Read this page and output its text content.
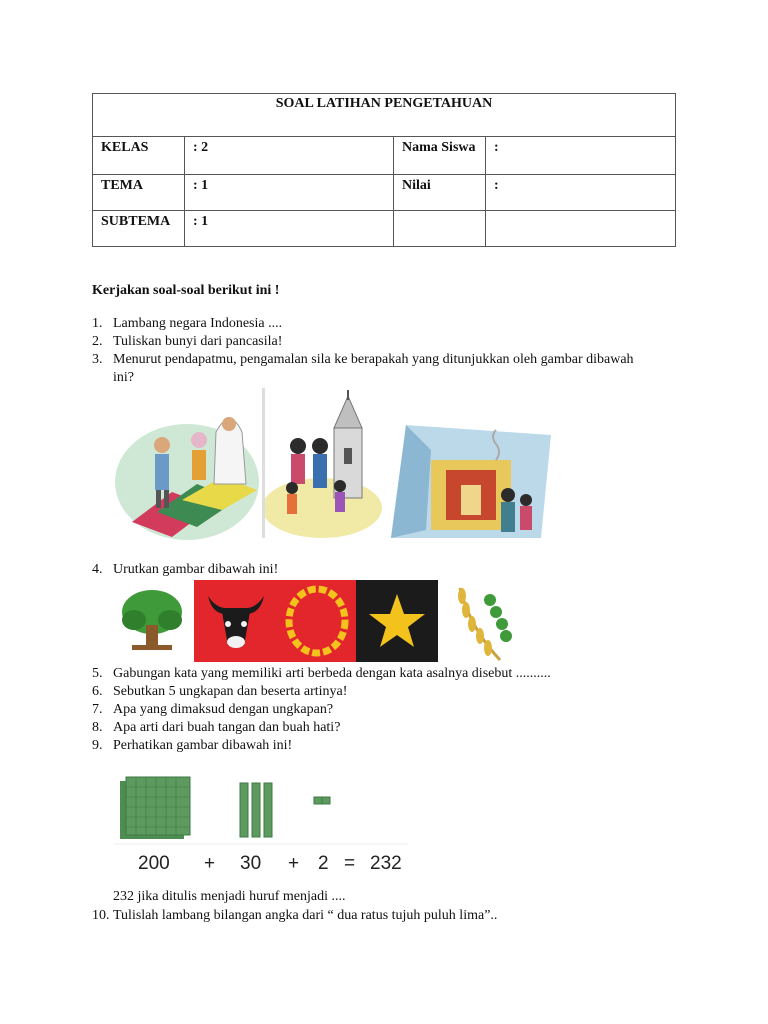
SOAL LATIHAN PENGETAHUAN			
KELAS	: 2	Nama Siswa	:
TEMA	: 1	Nilai	:
SUBTEMA	: 1		
Kerjakan soal-soal berikut ini !
1. Lambang negara Indonesia ....
2. Tuliskan bunyi dari pancasila!
3. Menurut pendapatmu, pengamalan sila ke berapakah yang ditunjukkan oleh gambar dibawah
ini?
4. Urutkan gambar dibawah ini!
5. Gabungan kata yang memiliki arti berbeda dengan kata asalnya disebut ..........
6. Sebutkan 5 ungkapan dan beserta artinya!
7. Apa yang dimaksud dengan ungkapan?
8. Apa arti dari buah tangan dan buah hati?
9. Perhatikan gambar dibawah ini!
200 + 30 + 2 = 232
232 jika ditulis menjadi huruf menjadi ....
10. Tulislah lambang bilangan angka dari “ dua ratus tujuh puluh lima”..
